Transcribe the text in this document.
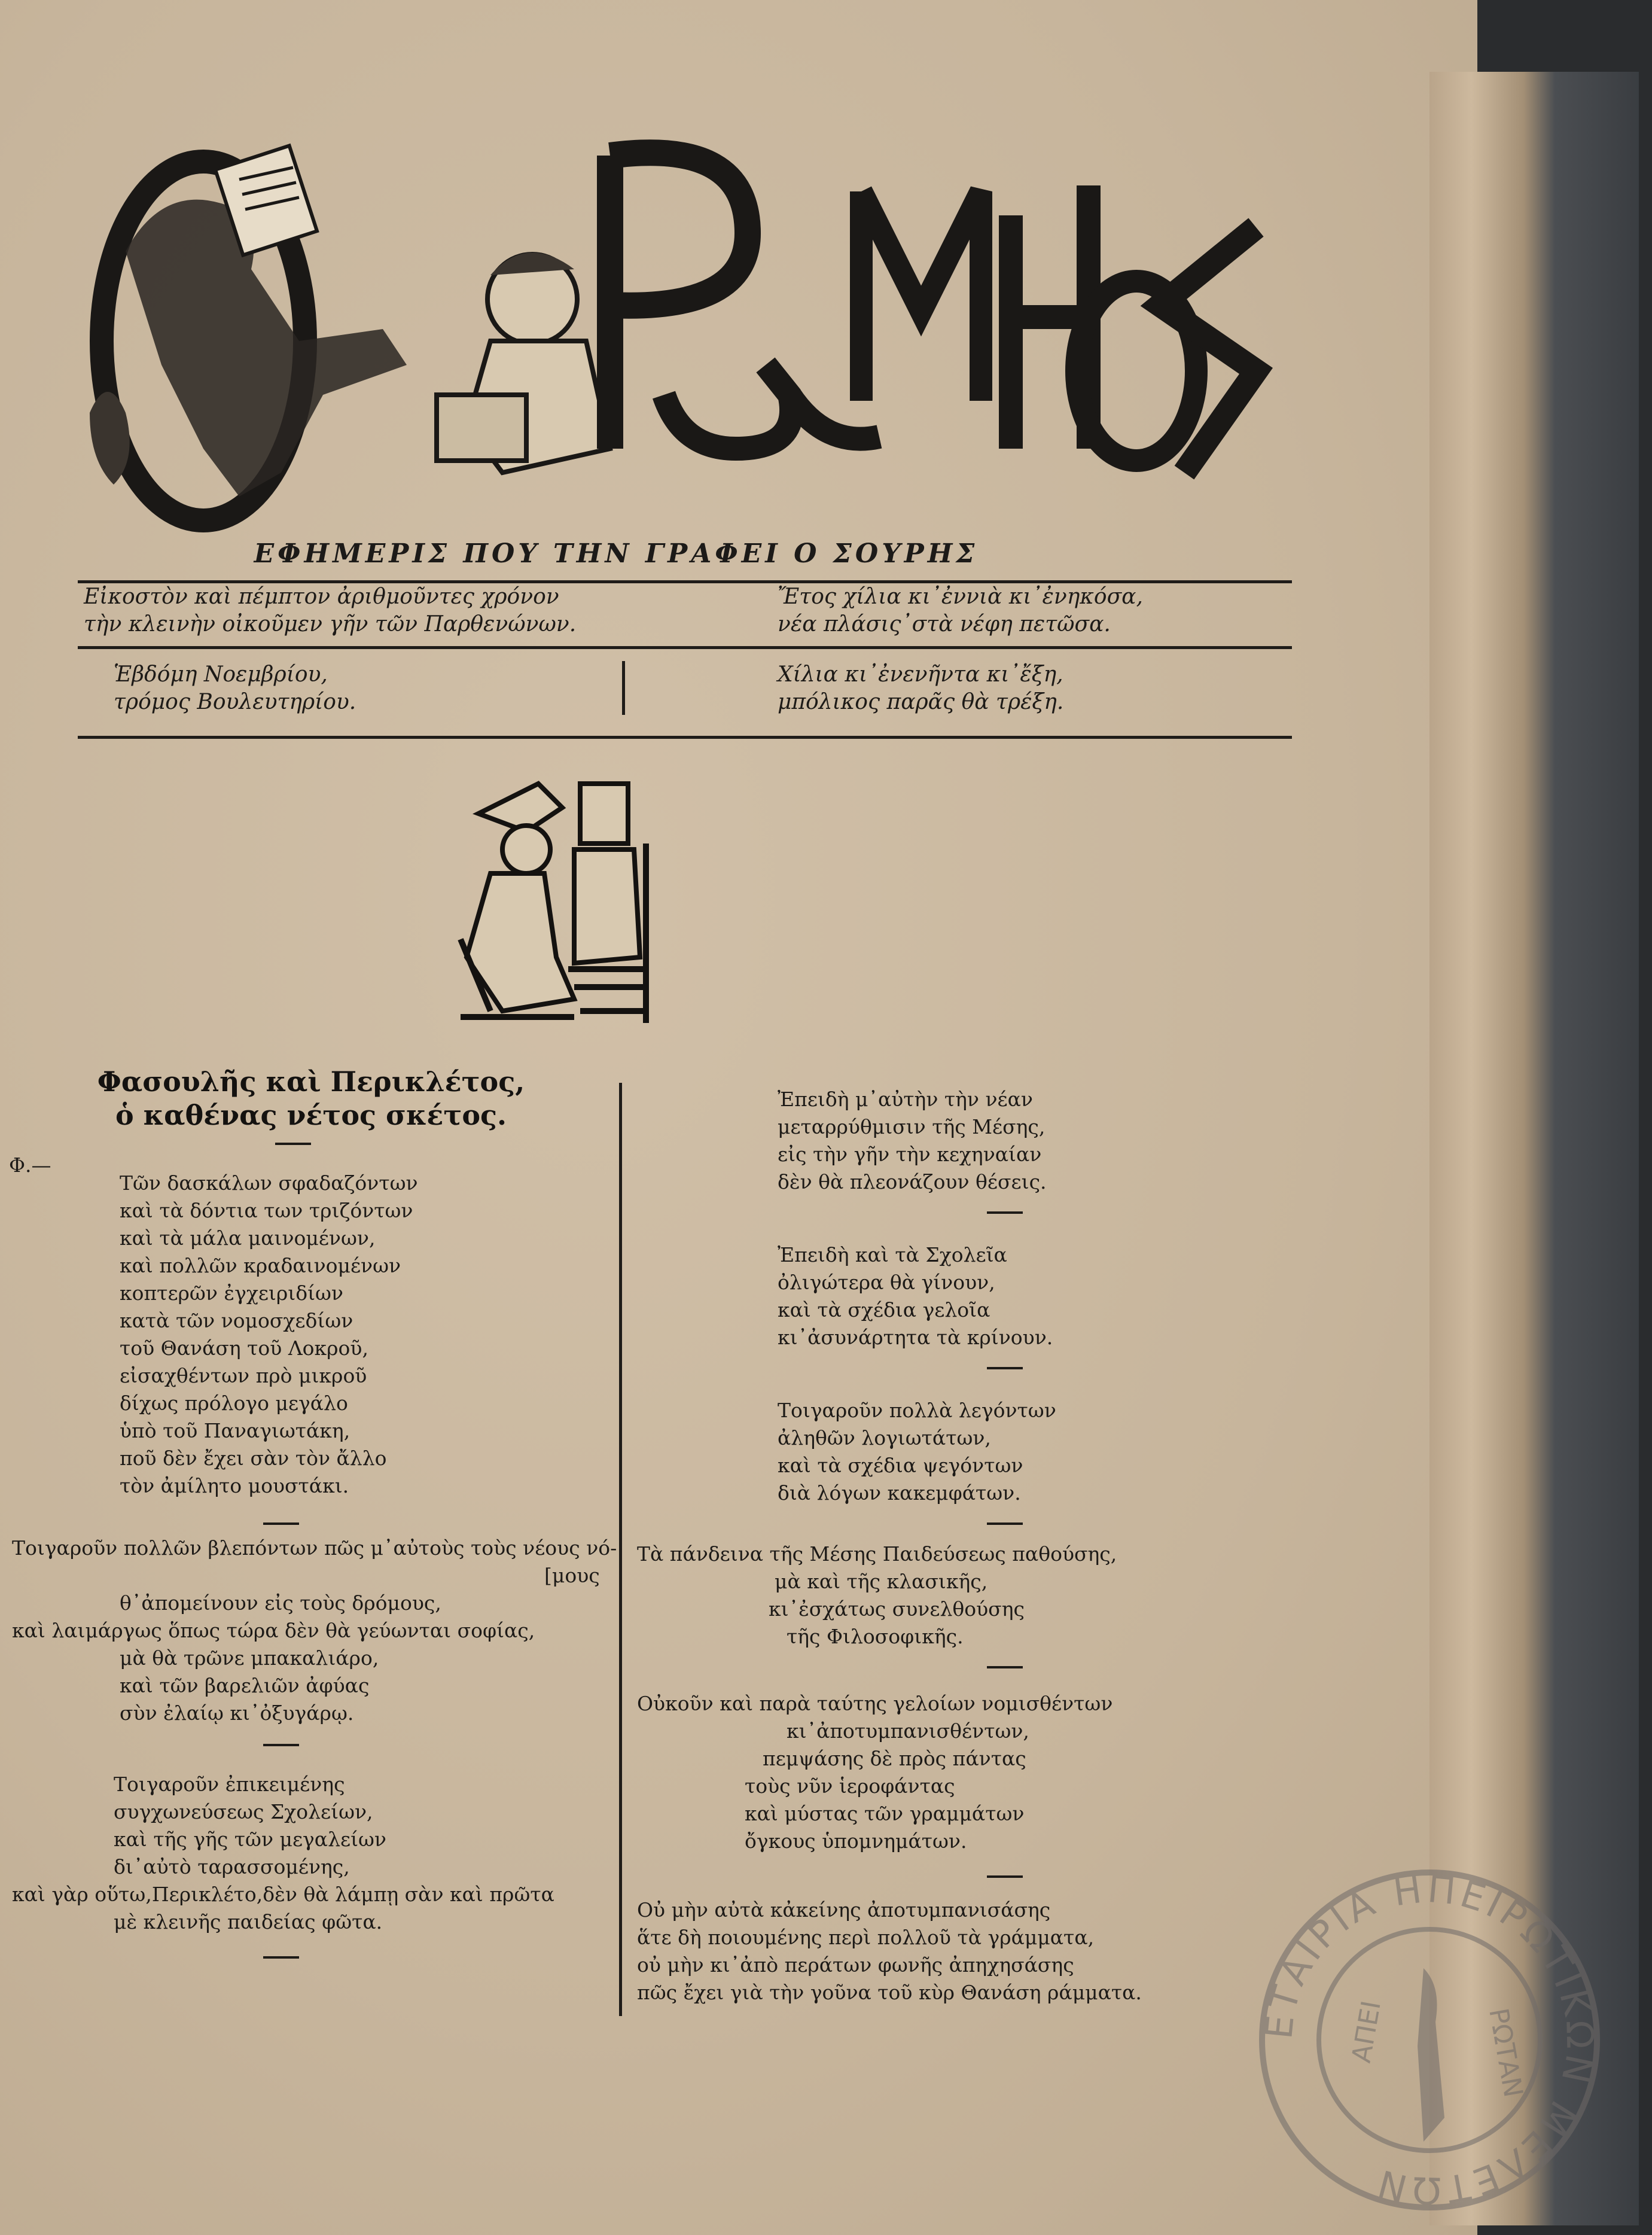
ΕΦΗΜΕΡΙΣ ΠΟΥ ΤΗΝ ΓΡΑΦΕΙ Ο ΣΟΥΡΗΣ
Εἰκοστὸν καὶ πέμπτον ἀριθμοῦντες χρόνον
τὴν κλεινὴν οἰκοῦμεν γῆν τῶν Παρθενώνων.
Ἔτος χίλια κι᾽ἐννιὰ κι᾽ἐνηκόσα,
νέα πλάσις᾽στὰ νέφη πετῶσα.
Ἑβδόμη Νοεμβρίου,
τρόμος Βουλευτηρίου.
Χίλια κι᾽ἐνενῆντα κι᾽ἔξη,
μπόλικος παρᾶς θὰ τρέξη.
Φασουλῆς καὶ Περικλέτος,
ὁ καθένας νέτος σκέτος.
Φ.—

Τῶν δασκάλων σφαδαζόντων

καὶ τὰ δόντια των τριζόντων

καὶ τὰ μάλα μαινομένων,

καὶ πολλῶν κραδαινομένων

κοπτερῶν ἐγχειριδίων

κατὰ τῶν νομοσχεδίων

τοῦ Θανάση τοῦ Λοκροῦ,

εἰσαχθέντων πρὸ μικροῦ

δίχως πρόλογο μεγάλο

ὑπὸ τοῦ Παναγιωτάκη,

ποῦ δὲν ἔχει σὰν τὸν ἄλλο

τὸν ἀμίλητο μουστάκι.

Τοιγαροῦν πολλῶν βλεπόντων πῶς μ᾽αὐτοὺς τοὺς νέους νό-

[μους

θ᾽ἀπομείνουν εἰς τοὺς δρόμους,

καὶ λαιμάργως ὅπως τώρα δὲν θὰ γεύωνται σοφίας,

μὰ θὰ τρῶνε μπακαλιάρο,

καὶ τῶν βαρελιῶν ἀφύας

σὺν ἐλαίῳ κι᾽ὀξυγάρῳ.

Τοιγαροῦν ἐπικειμένης

συγχωνεύσεως Σχολείων,

καὶ τῆς γῆς τῶν μεγαλείων

δι᾽αὐτὸ ταρασσομένης,

καὶ γὰρ οὕτω,Περικλέτο,δὲν θὰ λάμπῃ σὰν καὶ πρῶτα

μὲ κλεινῆς παιδείας φῶτα.

Ἐπειδὴ μ᾽αὐτὴν τὴν νέαν

μεταρρύθμισιν τῆς Μέσης,

εἰς τὴν γῆν τὴν κεχηναίαν

δὲν θὰ πλεονάζουν θέσεις.

Ἐπειδὴ καὶ τὰ Σχολεῖα

ὀλιγώτερα θὰ γίνουν,

καὶ τὰ σχέδια γελοῖα

κι᾽ἀσυνάρτητα τὰ κρίνουν.

Τοιγαροῦν πολλὰ λεγόντων

ἀληθῶν λογιωτάτων,

καὶ τὰ σχέδια ψεγόντων

διὰ λόγων κακεμφάτων.

Τὰ πάνδεινα τῆς Μέσης Παιδεύσεως παθούσης,

μὰ καὶ τῆς κλασικῆς,

κι᾽ἐσχάτως συνελθούσης

τῆς Φιλοσοφικῆς.

Οὐκοῦν καὶ παρὰ ταύτης γελοίων νομισθέντων

κι᾽ἀποτυμπανισθέντων,

πεμψάσης δὲ πρὸς πάντας

τοὺς νῦν ἱεροφάντας

καὶ μύστας τῶν γραμμάτων

ὄγκους ὑπομνημάτων.

Οὐ μὴν αὐτὰ κἀκείνης ἀποτυμπανισάσης

ἅτε δὴ ποιουμένης περὶ πολλοῦ τὰ γράμματα,

οὐ μὴν κι᾽ἀπὸ περάτων φωνῆς ἀπηχησάσης

πῶς ἔχει γιὰ τὴν γοῦνα τοῦ κὺρ Θανάση ράμματα.

ΕΤΑΙΡΙΑ ΗΠΕΙΡΩΤΙΚΩΝ ΜΕΛΕΤΩΝ
ΑΠΕΙ	ΡΩΤΑΝ
